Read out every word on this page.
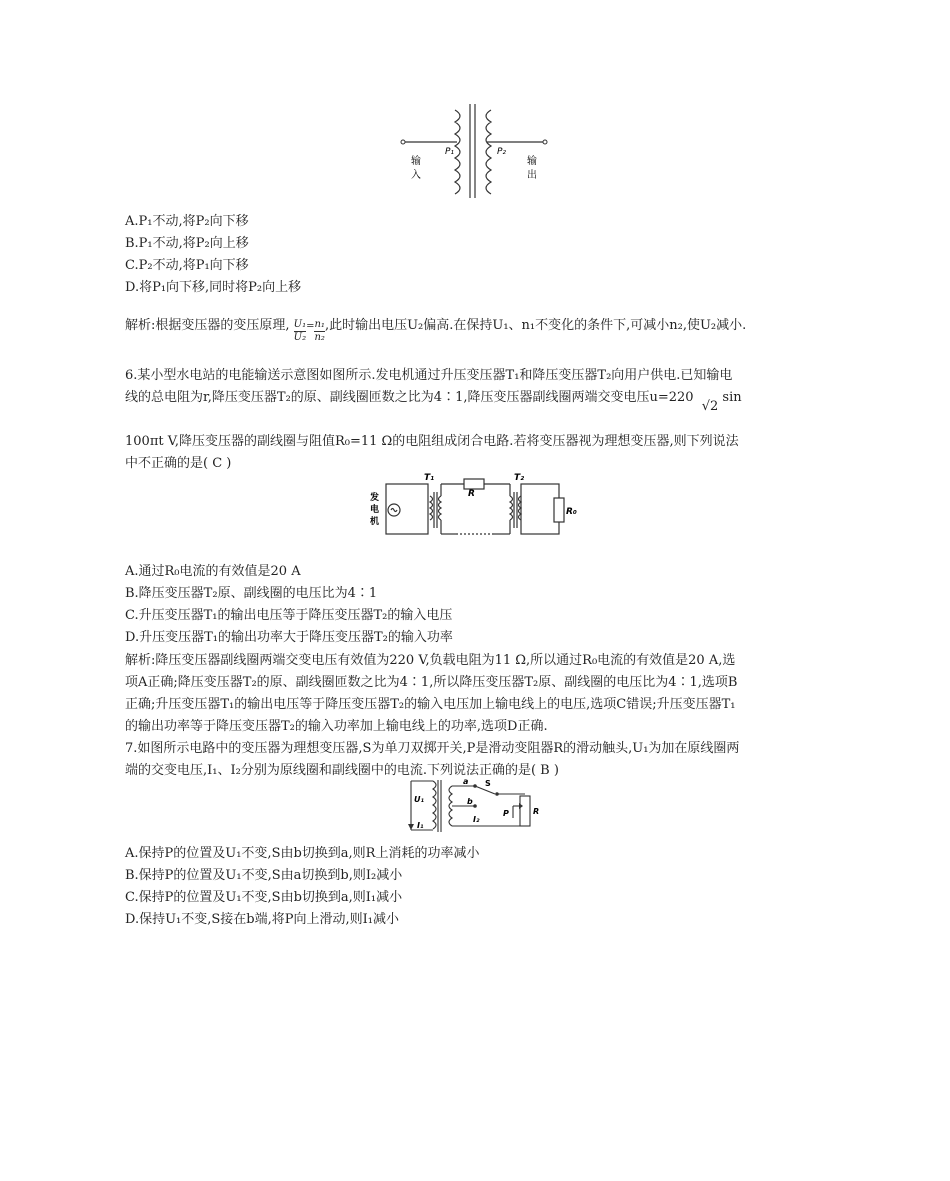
P₁	P₂
输
入
输
出
A.P₁不动,将P₂向下移
B.P₁不动,将P₂向上移
C.P₂不动,将P₁向下移
D.将P₁向下移,同时将P₂向上移
解析:根据变压器的变压原理, $\frac{\text{U₁}}{\text{U₂}} = \frac{\text{n₁}}{\text{n₂}}$ ,此时输出电压U₂偏高.在保持U₁、n₁不变化的条件下,可减小n₂,使U₂减小.
6.某小型水电站的电能输送示意图如图所示.发电机通过升压变压器T₁和降压变压器T₂向用户供电.已知输电
线的总电阻为r,降压变压器T₂的原、副线圈匝数之比为4∶1,降压变压器副线圈两端交变电压u=220 √2 sin
100πt V,降压变压器的副线圈与阻值R₀=11 Ω的电阻组成闭合电路.若将变压器视为理想变压器,则下列说法
中不正确的是( C )
发
电
机
T₁
R
T₂
R₀
A.通过R₀电流的有效值是20 A
B.降压变压器T₂原、副线圈的电压比为4∶1
C.升压变压器T₁的输出电压等于降压变压器T₂的输入电压
D.升压变压器T₁的输出功率大于降压变压器T₂的输入功率
解析:降压变压器副线圈两端交变电压有效值为220 V,负载电阻为11 Ω,所以通过R₀电流的有效值是20 A,选
项A正确;降压变压器T₂的原、副线圈匝数之比为4∶1,所以降压变压器T₂原、副线圈的电压比为4∶1,选项B
正确;升压变压器T₁的输出电压等于降压变压器T₂的输入电压加上输电线上的电压,选项C错误;升压变压器T₁
的输出功率等于降压变压器T₂的输入功率加上输电线上的功率,选项D正确.
7.如图所示电路中的变压器为理想变压器,S为单刀双掷开关,P是滑动变阻器R的滑动触头,U₁为加在原线圈两
端的交变电压,I₁、I₂分别为原线圈和副线圈中的电流.下列说法正确的是( B )
U₁
I₁
a S
b
I₂
P	R
A.保持P的位置及U₁不变,S由b切换到a,则R上消耗的功率减小
B.保持P的位置及U₁不变,S由a切换到b,则I₂减小
C.保持P的位置及U₁不变,S由b切换到a,则I₁减小
D.保持U₁不变,S接在b端,将P向上滑动,则I₁减小
